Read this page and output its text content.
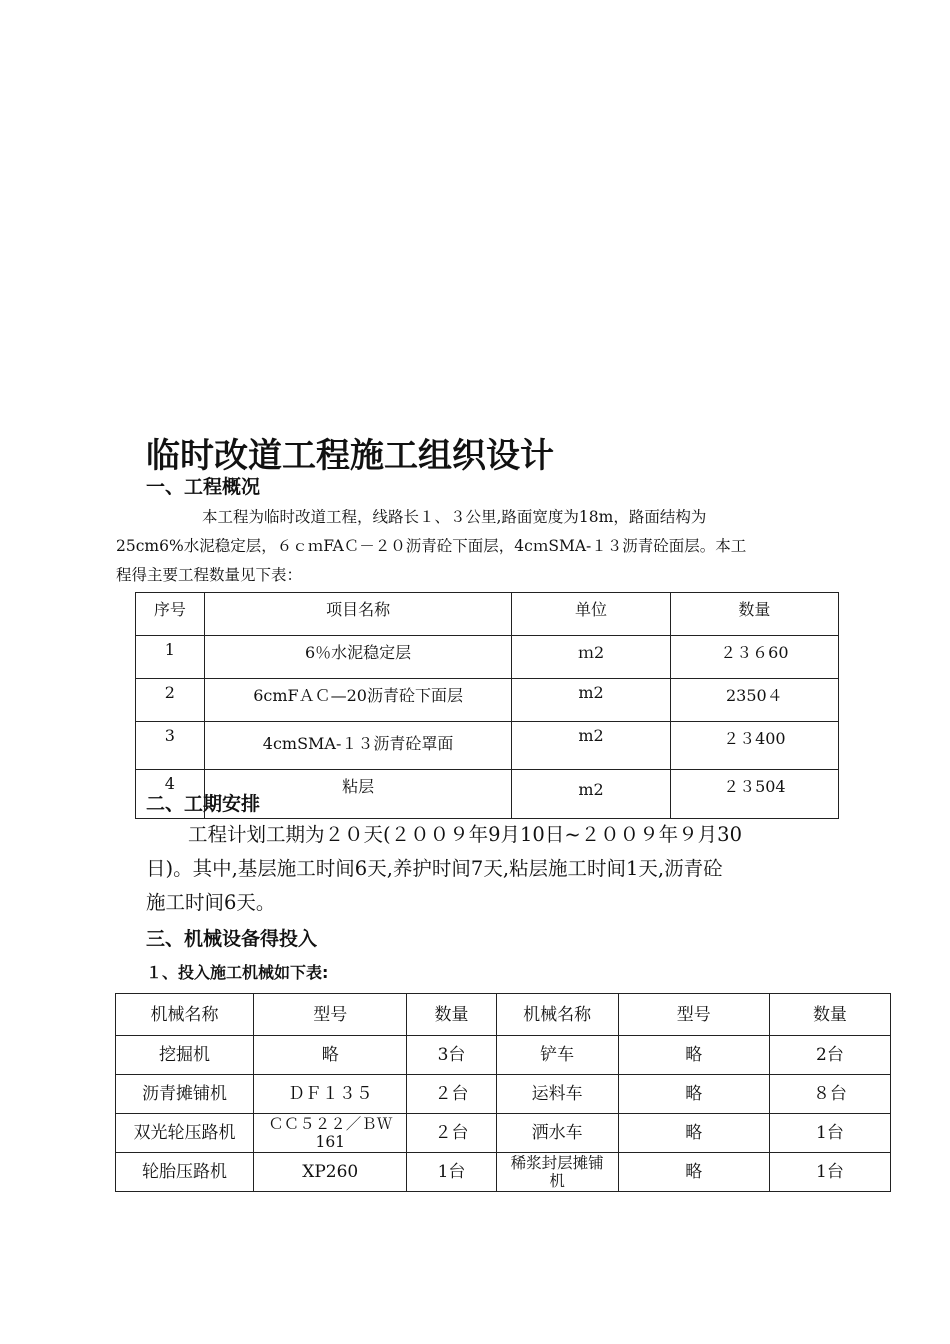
临时改道工程施工组织设计
一、工程概况
本工程为临时改道工程，线路长１、３公里,路面宽度为18m，路面结构为
25cm6%水泥稳定层，６ｃｍFAＣ－２０沥青砼下面层，4cｍSMA-１３沥青砼面层。本工
程得主要工程数量见下表：
序号	项目名称	单位	数量
1	6％水泥稳定层	ｍ2	２３６60
2	6cmFＡＣ—20沥青砼下面层	m2	2350４
3	4cmSMA-１３沥青砼罩面	m2	２３400
4	粘层	m2	２３504
二、工期安排
工程计划工期为２０天(２００９年9月10日~２００９年９月30
日)。其中,基层施工时间6天,养护时间7天,粘层施工时间1天,沥青砼
施工时间6天。
三、机械设备得投入
１、投入施工机械如下表:
机械名称	型号	数量	机械名称	型号	数量
挖掘机	略	3台	铲车	略	2台
沥青摊铺机	ＤＦ１３５	２台	运料车	略	８台
双光轮压路机	ＣＣ５２２／ＢＷ161	２台	洒水车	略	1台
轮胎压路机	XP260	1台	稀浆封层摊铺机	略	1台
